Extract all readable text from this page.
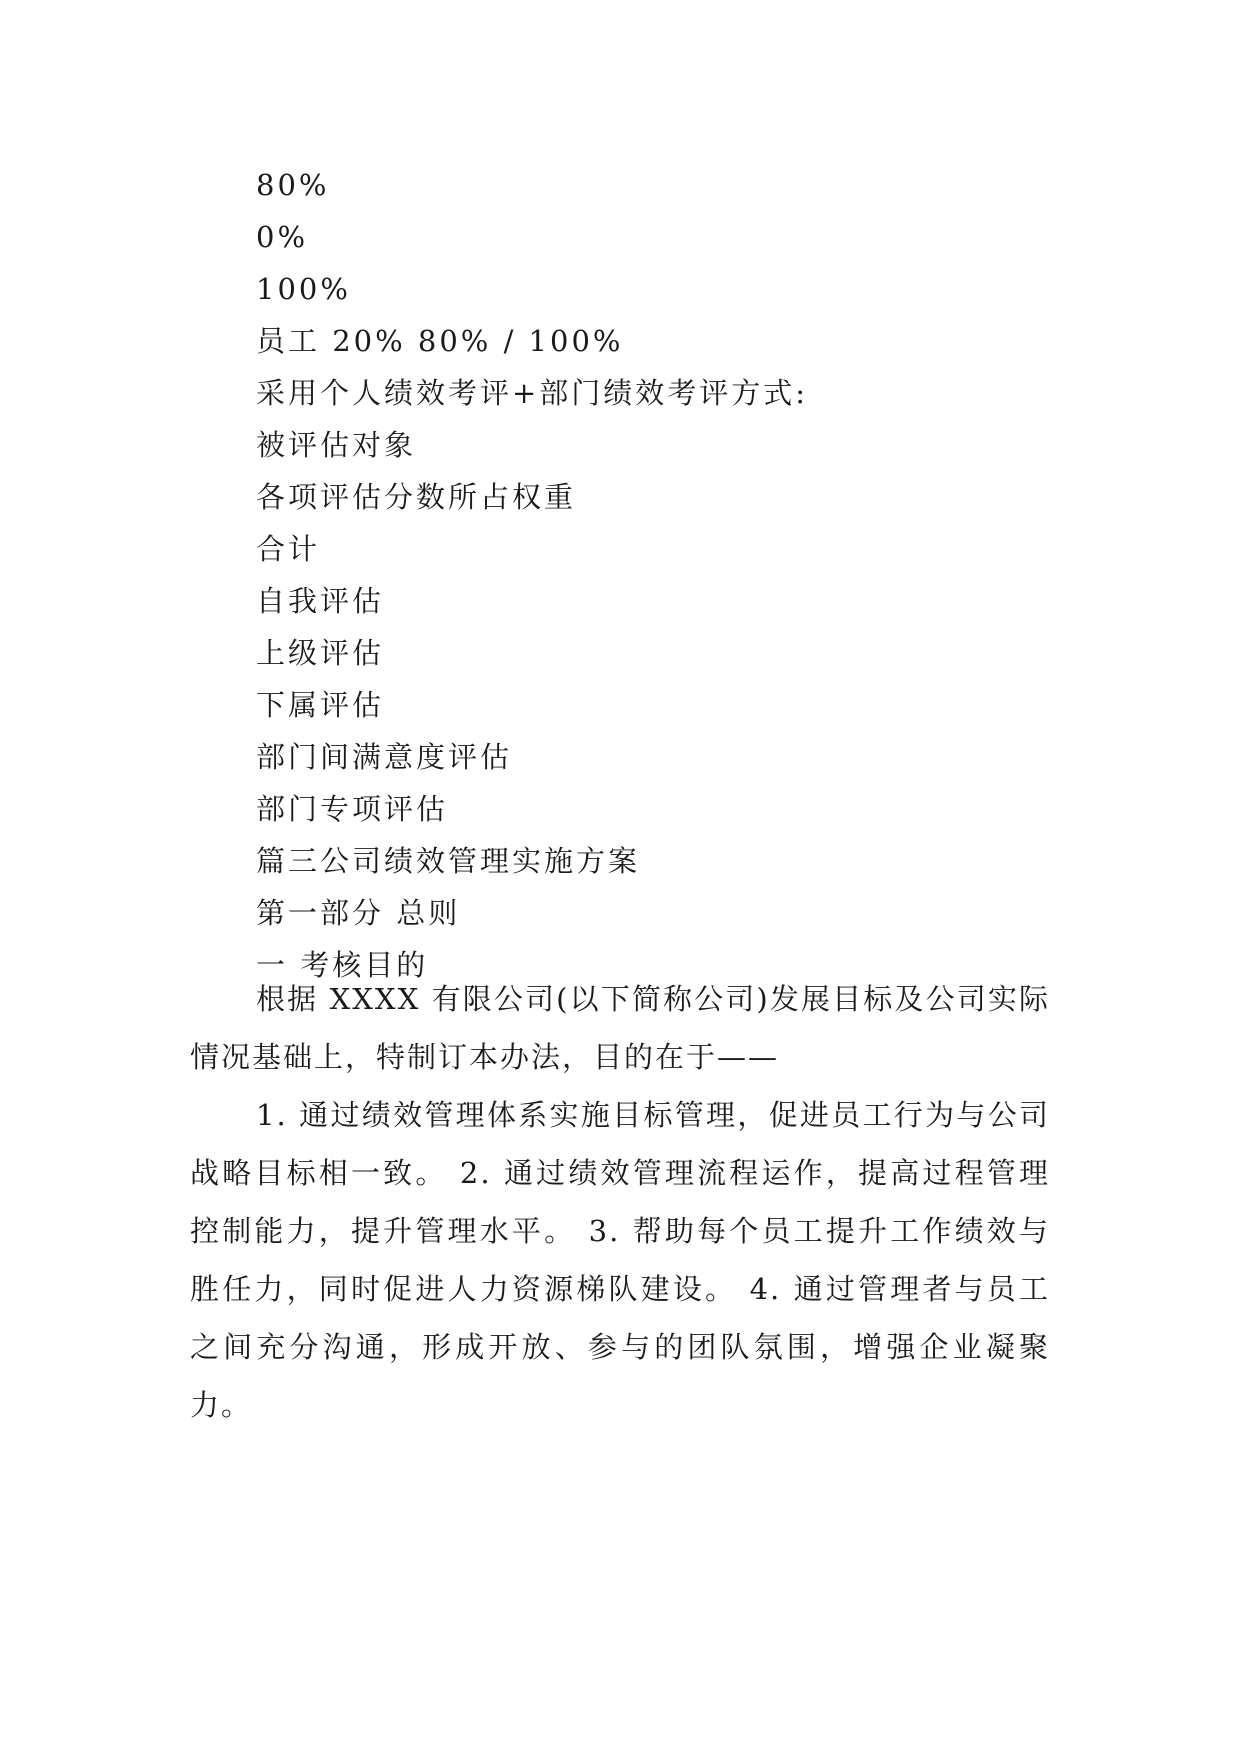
80%
0%
100%
员工 20% 80% / 100%
采用个人绩效考评+部门绩效考评方式:
被评估对象
各项评估分数所占权重
合计
自我评估
上级评估
下属评估
部门间满意度评估
部门专项评估
篇三公司绩效管理实施方案
第一部分 总则
一 考核目的
根据 XXXX 有限公司(以下简称公司)发展目标及公司实际情况基础上，特制订本办法，目的在于——
1. 通过绩效管理体系实施目标管理，促进员工行为与公司战略目标相一致。 2. 通过绩效管理流程运作，提高过程管理控制能力，提升管理水平。 3. 帮助每个员工提升工作绩效与胜任力，同时促进人力资源梯队建设。 4. 通过管理者与员工之间充分沟通，形成开放、参与的团队氛围，增强企业凝聚力。
